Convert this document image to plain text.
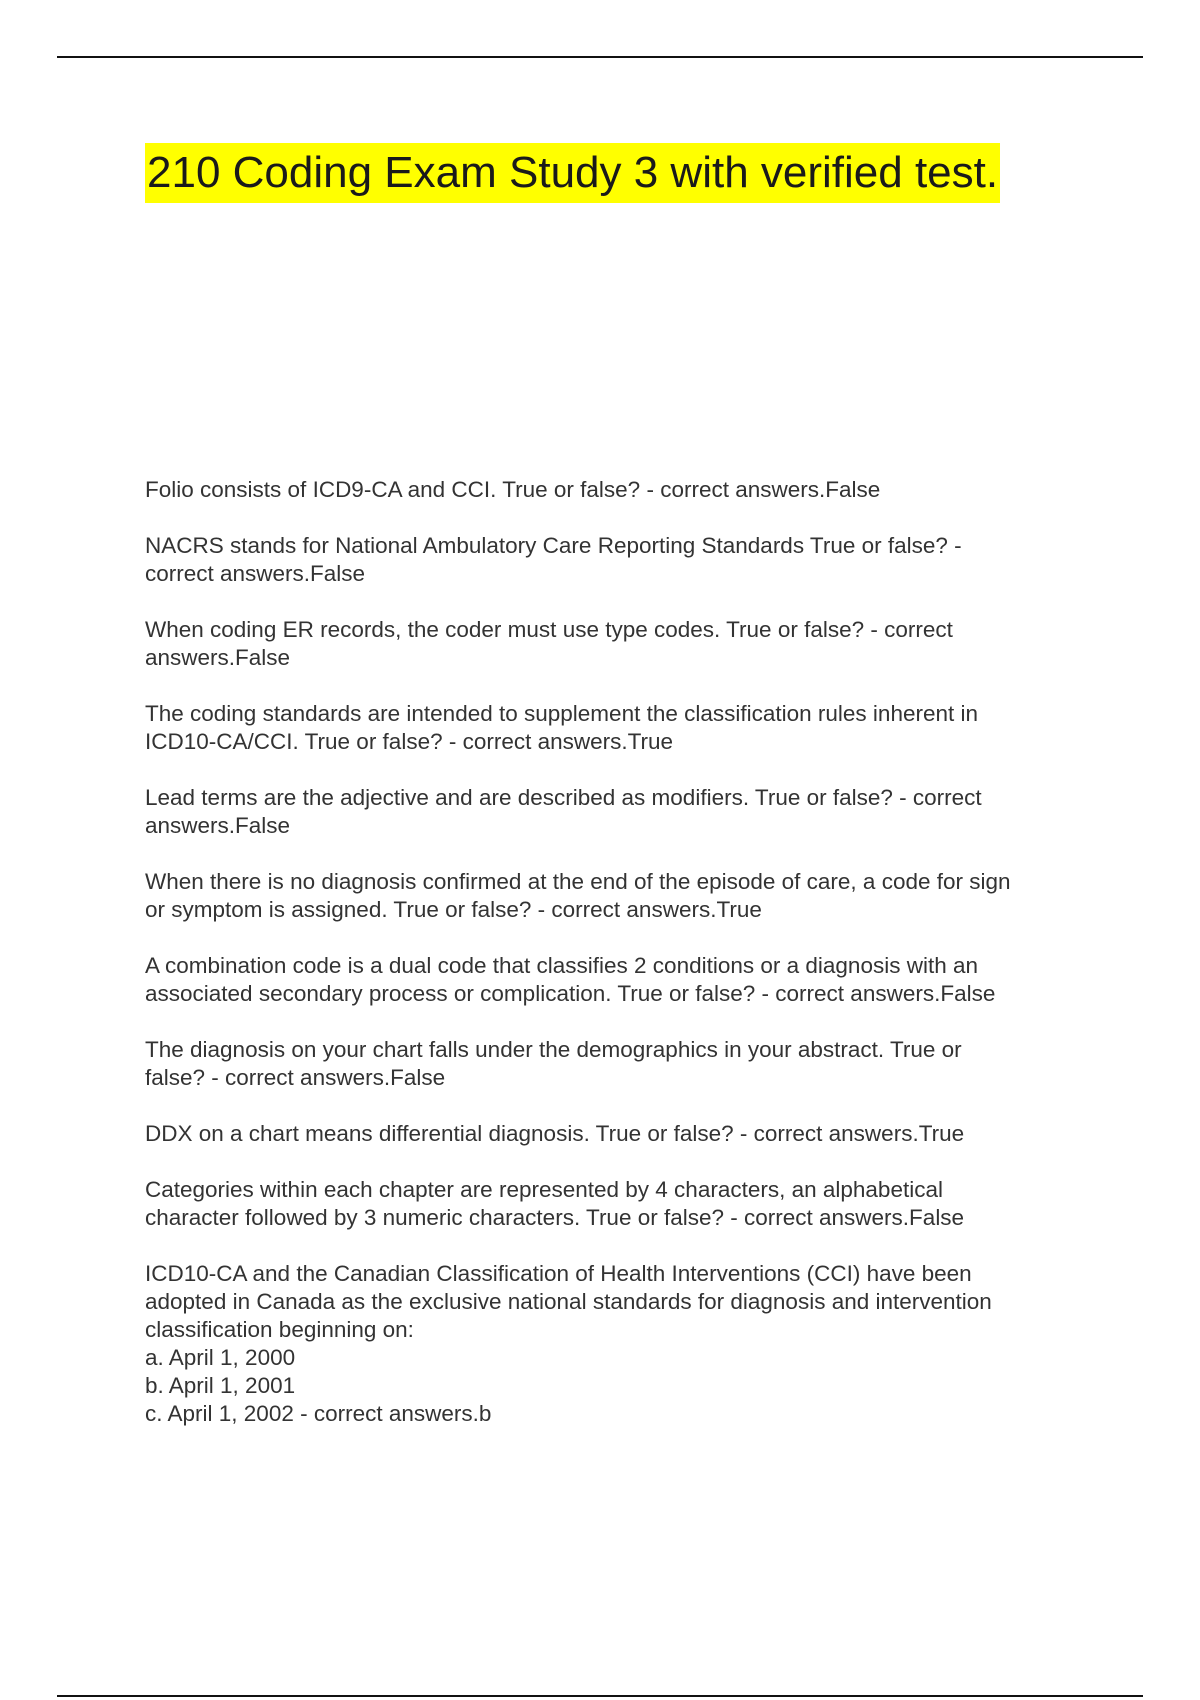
210 Coding Exam Study 3 with verified test.
Folio consists of ICD9-CA and CCI. True or false? - correct answers.False
NACRS stands for National Ambulatory Care Reporting Standards True or false? -
correct answers.False
When coding ER records, the coder must use type codes. True or false? - correct
answers.False
The coding standards are intended to supplement the classification rules inherent in
ICD10-CA/CCI. True or false? - correct answers.True
Lead terms are the adjective and are described as modifiers. True or false? - correct
answers.False
When there is no diagnosis confirmed at the end of the episode of care, a code for sign
or symptom is assigned. True or false? - correct answers.True
A combination code is a dual code that classifies 2 conditions or a diagnosis with an
associated secondary process or complication. True or false? - correct answers.False
The diagnosis on your chart falls under the demographics in your abstract. True or
false? - correct answers.False
DDX on a chart means differential diagnosis. True or false? - correct answers.True
Categories within each chapter are represented by 4 characters, an alphabetical
character followed by 3 numeric characters. True or false? - correct answers.False
ICD10-CA and the Canadian Classification of Health Interventions (CCI) have been
adopted in Canada as the exclusive national standards for diagnosis and intervention
classification beginning on:
a. April 1, 2000
b. April 1, 2001
c. April 1, 2002 - correct answers.b
